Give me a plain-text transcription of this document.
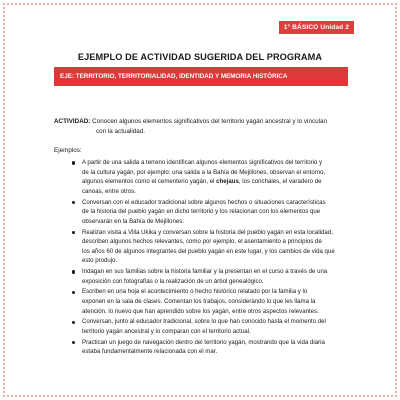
1° BÁSICO Unidad 2
EJEMPLO DE ACTIVIDAD SUGERIDA DEL PROGRAMA
EJE: TERRITORIO, TERRITORIALIDAD, IDENTIDAD Y MEMORIA HISTÓRICA
ACTIVIDAD: Conocen algunos elementos significativos del territorio yagán ancestral y lo vinculan
con la actualidad.
Ejemplos:
A partir de una salida a terreno identifican algunos elementos significativos del territorio y
de la cultura yagán, por ejemplo: una salida a la Bahía de Mejillones, observan el entorno,
algunos elementos como el cementerio yagán, el chejaus, los conchales, el varadero de
canoas, entre otros.
Conversan con el educador tradicional sobre algunos hechos o situaciones características
de la historia del pueblo yagán en dicho territorio y los relacionan con los elementos que
observarán en la Bahía de Mejillones.
Realizan visita a Villa Ukika y conversan sobre la historia del pueblo yagán en esta localidad,
describen algunos hechos relevantes, como por ejemplo, el asentamiento a principios de
los años 60 de algunos integrantes del pueblo yagán en este lugar, y los cambios de vida que
esto produjo.
Indagan en sus familias sobre la historia familiar y la presentan en el curso a través de una
exposición con fotografías o la realización de un árbol genealógico.
Escriben en una hoja el acontecimiento o hecho histórico relatado por la familia y lo
exponen en la sala de clases. Comentan los trabajos, considerando lo que les llama la
atención, lo nuevo que han aprendido sobre los yagán, entre otros aspectos relevantes.
Conversan, junto al educador tradicional, sobre lo que han conocido hasta el momento del
territorio yagán ancestral y lo comparan con el territorio actual.
Practican un juego de navegación dentro del territorio yagán, mostrando que la vida diaria
estaba fundamentalmente relacionada con el mar.
